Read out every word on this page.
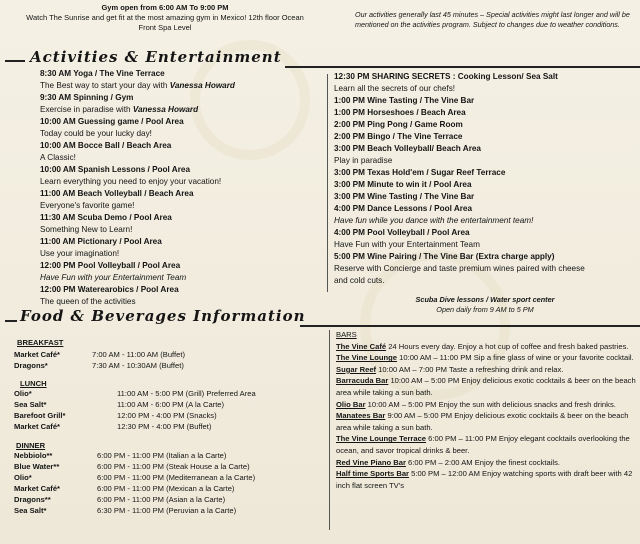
Gym open from 6:00 AM To 9:00 PM
Watch The Sunrise and get fit at the most amazing gym in Mexico! 12th floor Ocean
Front Spa Level
Our activities generally last 45 minutes – Special activities might last longer and will be mentioned on the activities program. Subject to changes due to weather conditions.
Activities & Entertainment
8:30 AM Yoga / The Vine Terrace
The Best way to start your day with Vanessa Howard
9:30 AM Spinning / Gym
Exercise in paradise with Vanessa Howard
10:00 AM Guessing game / Pool Area
Today could be your lucky day!
10:00 AM Bocce Ball / Beach Area
A Classic!
10:00 AM Spanish Lessons / Pool Area
Learn everything you need to enjoy your vacation!
11:00 AM Beach Volleyball / Beach Area
Everyone's favorite game!
11:30 AM Scuba Demo / Pool Area
Something New to Learn!
11:00 AM Pictionary / Pool Area
Use your imagination!
12:00 PM Pool Volleyball / Pool Area
Have Fun with your Entertainment Team
12:00 PM Waterearobics / Pool Area
The queen of the activities
12:30 PM SHARING SECRETS : Cooking Lesson/ Sea Salt
Learn all the secrets of our chefs!
1:00 PM Wine Tasting / The Vine Bar
1:00 PM Horseshoes / Beach Area
2:00 PM Ping Pong / Game Room
2:00 PM Bingo / The Vine Terrace
3:00 PM Beach Volleyball/ Beach Area
Play in paradise
3:00 PM Texas Hold'em / Sugar Reef Terrace
3:00 PM Minute to win it / Pool Area
3:00 PM Wine Tasting / The Vine Bar
4:00 PM Dance Lessons / Pool Area
Have fun while you dance with the entertainment team!
4:00 PM Pool Volleyball / Pool Area
Have Fun with your Entertainment Team
5:00 PM Wine Pairing / The Vine Bar (Extra charge apply)
Reserve with Concierge and taste premium wines paired with cheese
and cold cuts.
Food & Beverages Information
Scuba Dive lessons / Water sport center
Open daily from 9 AM to 5 PM
BREAKFAST
Market Café*	7:00 AM - 11:00 AM (Buffet)
Dragons*	7:30 AM - 10:30AM (Buffet)
LUNCH
Olio*	11:00 AM - 5:00 PM (Grill) Preferred Area
Sea Salt*	11:00 AM - 6:00 PM (A la Carte)
Barefoot Grill*	12:00 PM - 4:00 PM (Snacks)
Market Café*	12:30 PM - 4:00 PM (Buffet)
DINNER
Nebbiolo**	6:00 PM - 11:00 PM (Italian a la Carte)
Blue Water**	6:00 PM - 11:00 PM (Steak House a la Carte)
Olio*	6:00 PM - 11:00 PM (Mediterranean a la Carte)
Market Café*	6:00 PM - 11:00 PM (Mexican a la Carte)
Dragons**	6:00 PM - 11:00 PM (Asian a la Carte)
Sea Salt*	6:30 PM - 11:00 PM (Peruvian a la Carte)
BARS
The Vine Café 24 Hours every day. Enjoy a hot cup of coffee and fresh baked pastries.
The Vine Lounge 10:00 AM – 11:00 PM Sip a fine glass of wine or your favorite cocktail.
Sugar Reef 10:00 AM – 7:00 PM Taste a refreshing drink and relax.
Barracuda Bar 10:00 AM – 5:00 PM Enjoy delicious exotic cocktails & beer on the beach area while taking a sun bath.
Olio Bar 10:00 AM – 5:00 PM Enjoy the sun with delicious snacks and fresh drinks.
Manatees Bar 9:00 AM – 5:00 PM Enjoy delicious exotic cocktails & beer on the beach area while taking a sun bath.
The Vine Lounge Terrace 6:00 PM – 11:00 PM Enjoy elegant cocktails overlooking the ocean, and savor tropical drinks & beer.
Red Vine Piano Bar 6:00 PM – 2:00 AM Enjoy the finest cocktails.
Half time Sports Bar 5:00 PM – 12:00 AM Enjoy watching sports with draft beer with 42 inch flat screen TV's
